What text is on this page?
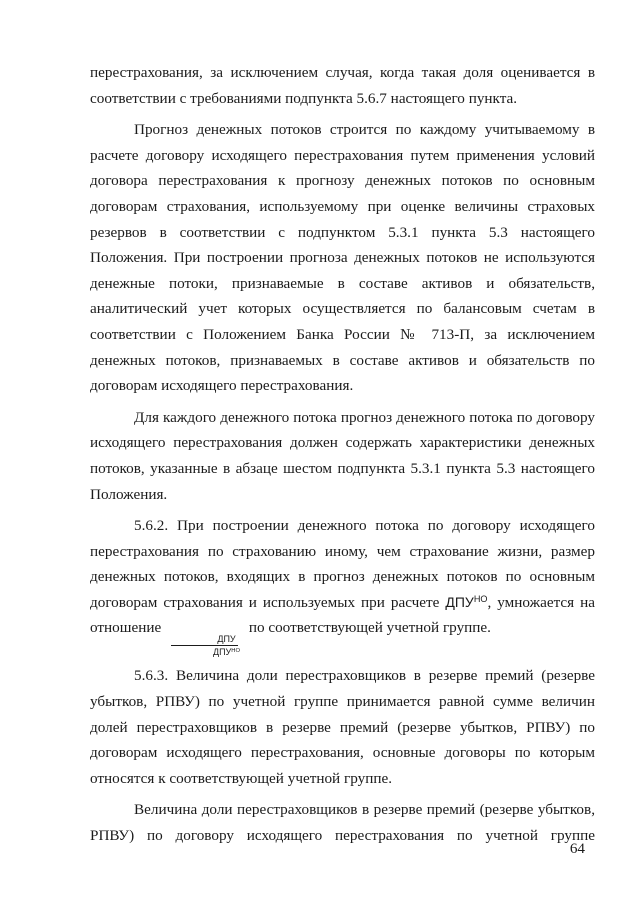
перестрахования, за исключением случая, когда такая доля оценивается в соответствии с требованиями подпункта 5.6.7 настоящего пункта.

Прогноз денежных потоков строится по каждому учитываемому в расчете договору исходящего перестрахования путем применения условий договора перестрахования к прогнозу денежных потоков по основным договорам страхования, используемому при оценке величины страховых резервов в соответствии с подпунктом 5.3.1 пункта 5.3 настоящего Положения. При построении прогноза денежных потоков не используются денежные потоки, признаваемые в составе активов и обязательств, аналитический учет которых осуществляется по балансовым счетам в соответствии с Положением Банка России № 713-П, за исключением денежных потоков, признаваемых в составе активов и обязательств по договорам исходящего перестрахования.

Для каждого денежного потока прогноз денежного потока по договору исходящего перестрахования должен содержать характеристики денежных потоков, указанные в абзаце шестом подпункта 5.3.1 пункта 5.3 настоящего Положения.

5.6.2. При построении денежного потока по договору исходящего перестрахования по страхованию иному, чем страхование жизни, размер денежных потоков, входящих в прогноз денежных потоков по основным договорам страхования и используемых при расчете $ДПУ^{НО}$, умножается на отношение
$\frac{\text{ДПУ}}{ДПУ^{НО}}$
по соответствующей учетной группе.

5.6.3. Величина доли перестраховщиков в резерве премий (резерве убытков, РПВУ) по учетной группе принимается равной сумме величин долей перестраховщиков в резерве премий (резерве убытков, РПВУ) по договорам исходящего перестрахования, основные договоры по которым относятся к соответствующей учетной группе.

Величина доли перестраховщиков в резерве премий (резерве убытков, РПВУ) по договору исходящего перестрахования по учетной группе

64
